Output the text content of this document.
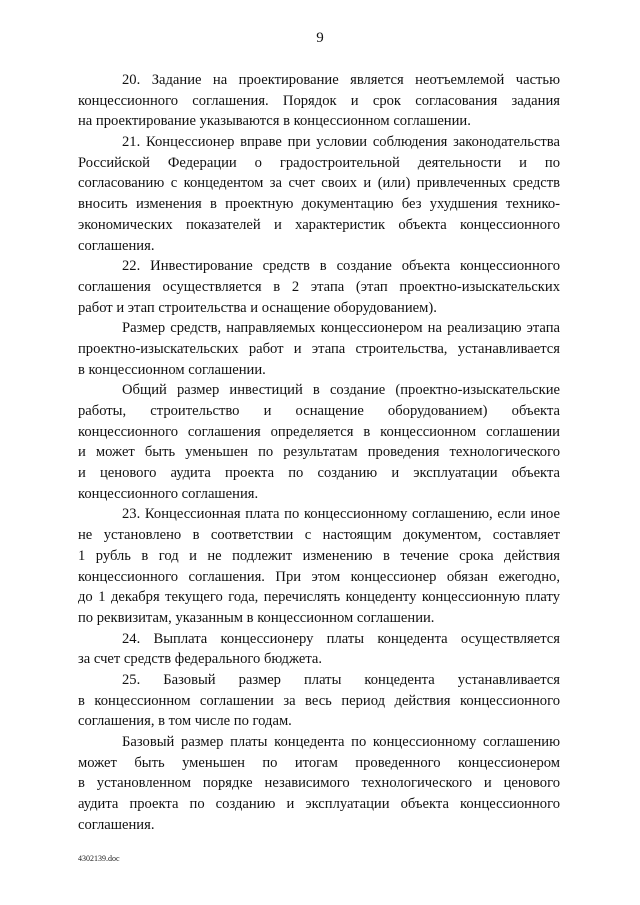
9
20. Задание на проектирование является неотъемлемой частью
концессионного соглашения. Порядок и срок согласования задания
на проектирование указываются в концессионном соглашении.
21. Концессионер вправе при условии соблюдения законодательства
Российской Федерации о градостроительной деятельности и по
согласованию с концедентом за счет своих и (или) привлеченных средств
вносить изменения в проектную документацию без ухудшения технико-
экономических показателей и характеристик объекта концессионного
соглашения.
22. Инвестирование средств в создание объекта концессионного
соглашения осуществляется в 2 этапа (этап проектно-изыскательских
работ и этап строительства и оснащение оборудованием).
Размер средств, направляемых концессионером на реализацию этапа
проектно-изыскательских работ и этапа строительства, устанавливается
в концессионном соглашении.
Общий размер инвестиций в создание (проектно-изыскательские
работы, строительство и оснащение оборудованием) объекта
концессионного соглашения определяется в концессионном соглашении
и может быть уменьшен по результатам проведения технологического
и ценового аудита проекта по созданию и эксплуатации объекта
концессионного соглашения.
23. Концессионная плата по концессионному соглашению, если иное
не установлено в соответствии с настоящим документом, составляет
1 рубль в год и не подлежит изменению в течение срока действия
концессионного соглашения. При этом концессионер обязан ежегодно,
до 1 декабря текущего года, перечислять концеденту концессионную плату
по реквизитам, указанным в концессионном соглашении.
24. Выплата концессионеру платы концедента осуществляется
за счет средств федерального бюджета.
25. Базовый размер платы концедента устанавливается
в концессионном соглашении за весь период действия концессионного
соглашения, в том числе по годам.
Базовый размер платы концедента по концессионному соглашению
может быть уменьшен по итогам проведенного концессионером
в установленном порядке независимого технологического и ценового
аудита проекта по созданию и эксплуатации объекта концессионного
соглашения.
4302139.doc
